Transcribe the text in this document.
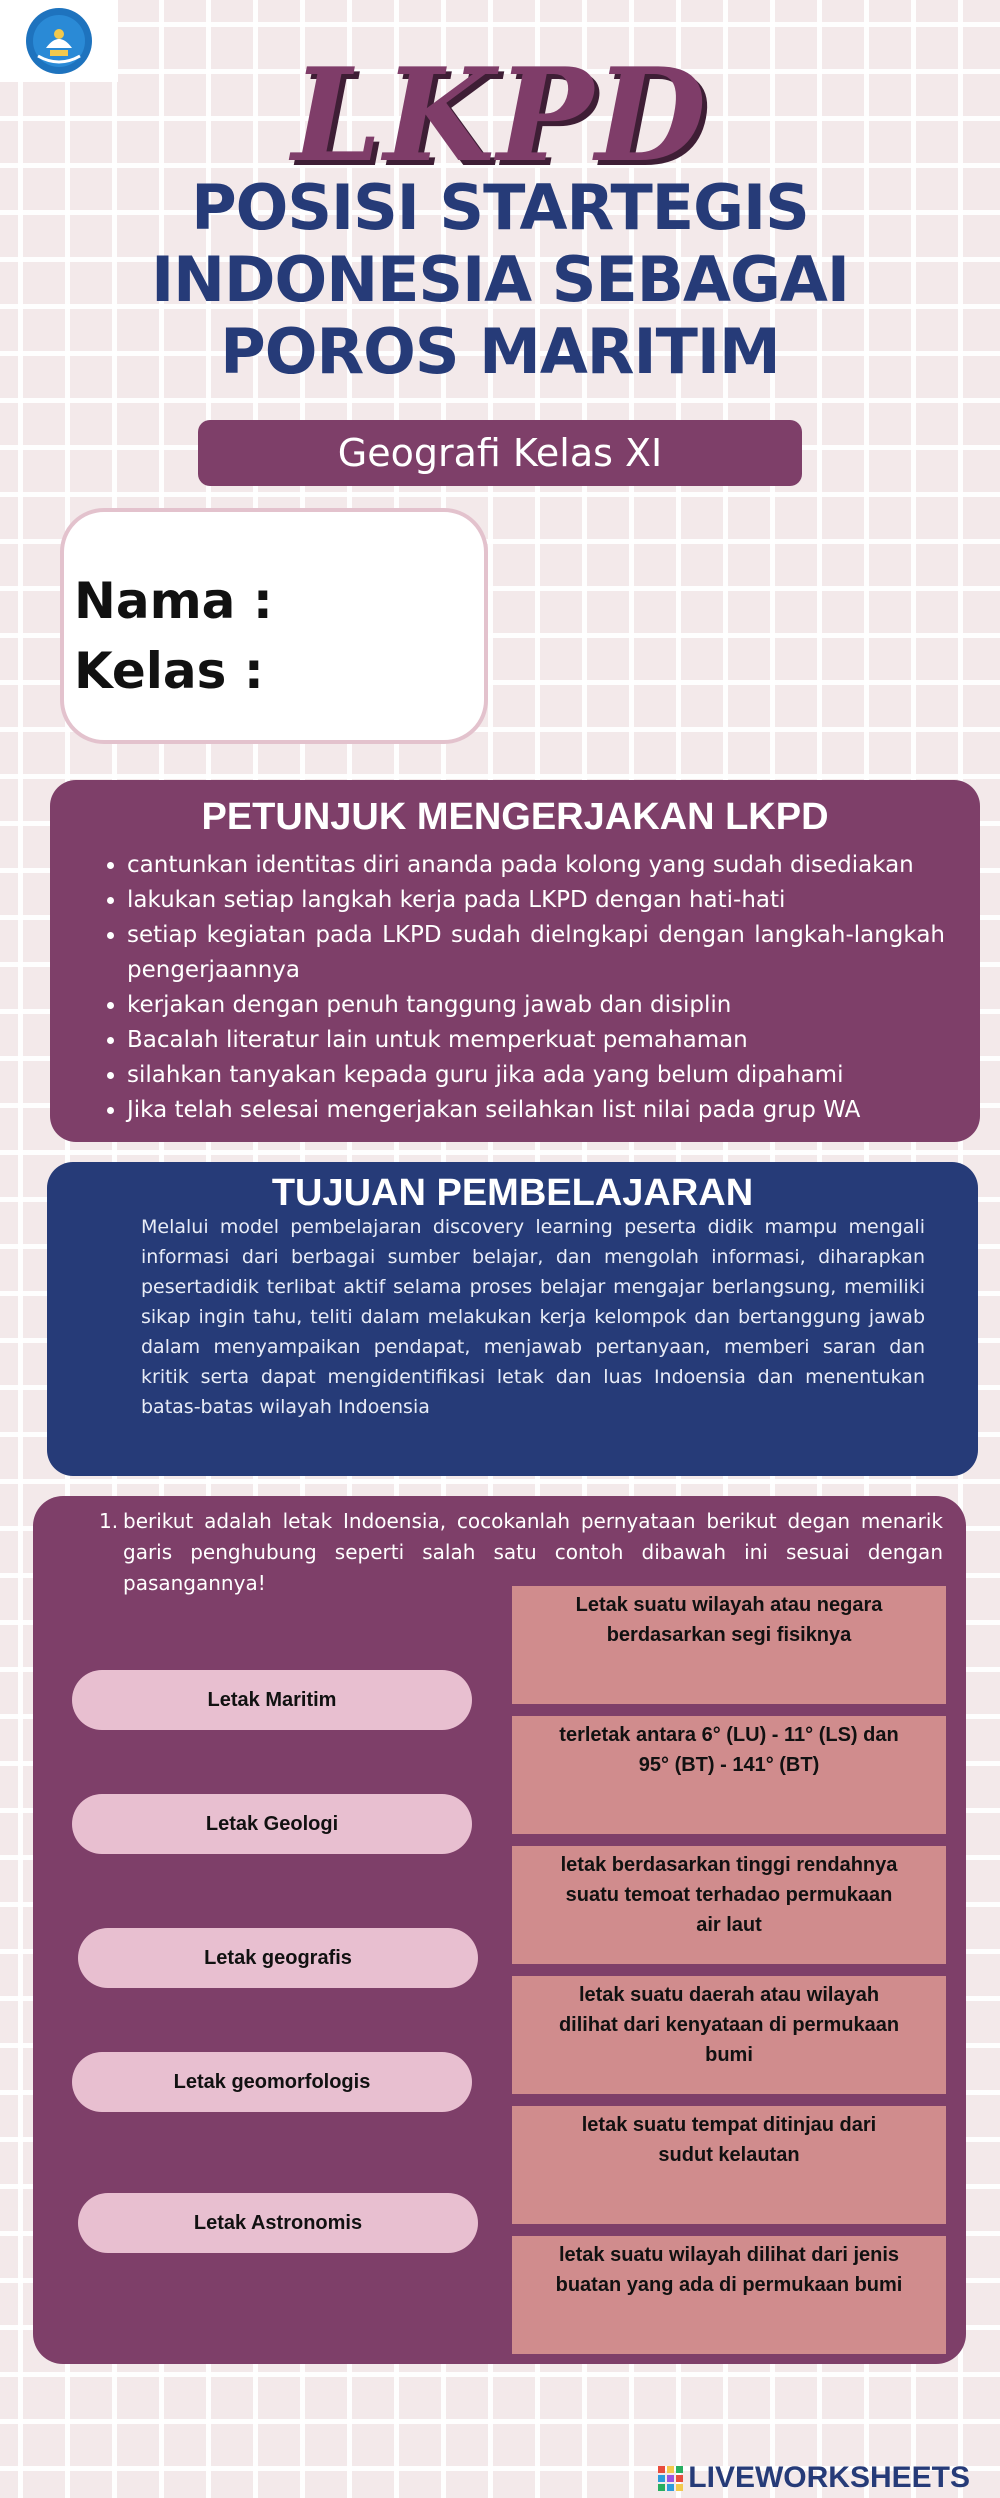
LKPD
POSISI STARTEGIS
INDONESIA SEBAGAI
POROS MARITIM
Geografi Kelas XI
Nama :
Kelas :
PETUNJUK MENGERJAKAN LKPD
• cantunkan identitas diri ananda pada kolong yang sudah disediakan
• lakukan setiap langkah kerja pada LKPD dengan hati-hati
• setiap kegiatan pada LKPD sudah dielngkapi dengan langkah-langkah pengerjaannya
• kerjakan dengan penuh tanggung jawab dan disiplin
• Bacalah literatur lain untuk memperkuat pemahaman
• silahkan tanyakan kepada guru jika ada yang belum dipahami
• Jika telah selesai mengerjakan seilahkan list nilai pada grup WA
TUJUAN PEMBELAJARAN

Melalui model pembelajaran discovery learning peserta didik mampu mengali informasi dari berbagai sumber belajar, dan mengolah informasi, diharapkan pesertadidik terlibat aktif selama proses belajar mengajar berlangsung, memiliki sikap ingin tahu, teliti dalam melakukan kerja kelompok dan bertanggung jawab dalam menyampaikan pendapat, menjawab pertanyaan, memberi saran dan kritik serta dapat mengidentifikasi letak dan luas Indoensia dan menentukan batas-batas wilayah Indoensia

1. berikut adalah letak Indoensia, cocokanlah pernyataan berikut degan menarik garis penghubung seperti salah satu contoh dibawah ini sesuai dengan pasangannya!
Letak Maritim
Letak Geologi
Letak geografis
Letak geomorfologis
Letak Astronomis
Letak suatu wilayah atau negara berdasarkan segi fisiknya
terletak antara 6° (LU) - 11° (LS) dan 95° (BT) - 141° (BT)
letak berdasarkan tinggi rendahnya suatu temoat terhadao permukaan air laut
letak suatu daerah atau wilayah dilihat dari kenyataan di permukaan bumi
letak suatu tempat ditinjau dari sudut kelautan
letak suatu wilayah dilihat dari jenis buatan yang ada di permukaan bumi
LIVEWORKSHEETS
